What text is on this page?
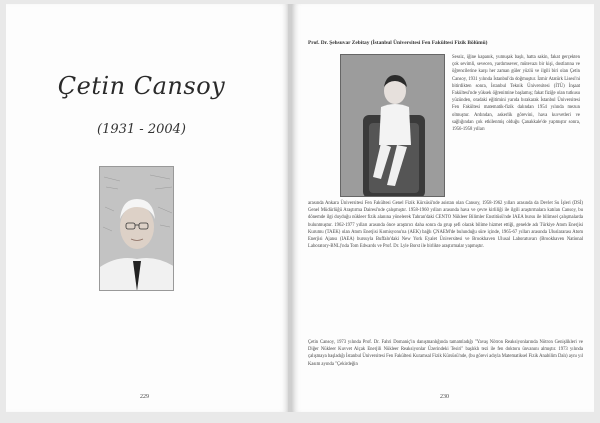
Çetin Cansoy
(1931 - 2004)
229
Prof. Dr. Şehsuvar Zebitay (İstanbul Üniversitesi Fen Fakültesi Fizik Bölümü)
Sessiz, iğine kapanık, yumuşak başlı, hatta sakin, fakat gerçekten çok sevimli, sevecen, yardımsever, mütevazı bir kişi, dostlarına ve öğrencilerine karşı her zaman güler yüzlü ve ilgili biri olan Çetin Cansoy, 1931 yılında İstanbul'da doğmuştur. İzmir Atatürk Lisesi'ni bitirdikten sonra, İstanbul Teknik Üniversitesi (İTÜ) İnşaat Fakültesi'nde yüksek öğrenimine başlamış; fakat fiziğe olan tutkusu yüzünden, oradaki eğitimini yarıda bırakarak İstanbul Üniversitesi Fen Fakültesi matematik-fizik dalından 1954 yılında mezun olmuştur. Ardından, askerlik görevini, hava kuvvetleri ve sağlığından çok etkilenmiş olduğu Çanakkale'de yapmıştır sonra, 1956-1958 yılları
arasında Ankara Üniversitesi Fen Fakültesi Genel Fizik Kürsüsü'nde asistan olan Cansoy, 1958-1962 yılları arasında da Devlet Su İşleri (DSİ) Genel Müdürlüğü Araştırma Dairesi'nde çalışmıştır. 1958-1960 yılları arasında hava ve çevre kirliliği ile ilgili araştırmalara katılan Cansoy, bu dönemde ilgi duyduğu nükleer fizik alanına yönelerek Tahran'daki CENTO Nükleer Bilimler Enstitüsü'nde IAEA bursu ile bilimsel çalışmalarda bulunmuştur. 1962-1977 yılları arasında önce araştırıcı daha sonra da grup şefi olarak bilime hizmet ettiği, genelde adı Türkiye Atom Enerjisi Kurumu (TAEK) olan Atom Enerjisi Komisyonu'na (AEK) bağlı ÇNAEM'de bulunduğu süre içinde, 1965-67 yılları arasında Uluslararası Atom Enerjisi Ajansı (IAEA) bursuyla Buffalo'daki New York Eyalet Üniversitesi ve Brookhaven Ulusal Laboratuvarı (Brookhaven National Laboratory-BNL)'nda Tom Edwards ve Prof. Dr. Lyle Borst ile birlikte araştırmalar yapmıştır.
Çetin Cansoy, 1973 yılında Prof. Dr. Fahri Domaniç'in danışmanlığında tamamladığı "Yavaş Nötron Reaksiyonlarında Nötron Genişlikleri ve Diğer Nükleer Kuvvet Alçak Enerjili Nükleer Reaksiyonlar Üzerindeki Tesiri" başlıklı tezi ile fen doktoru ünvanını almıştır. 1973 yılında çalışmaya başladığı İstanbul Üniversitesi Fen Fakültesi Kuramsal Fizik Kürsüsü'nde, (bu görevi adıyla Matematiksel Fizik Anabilim Dalı) aynı yıl Kasım ayında "Çekirdeğin
230
